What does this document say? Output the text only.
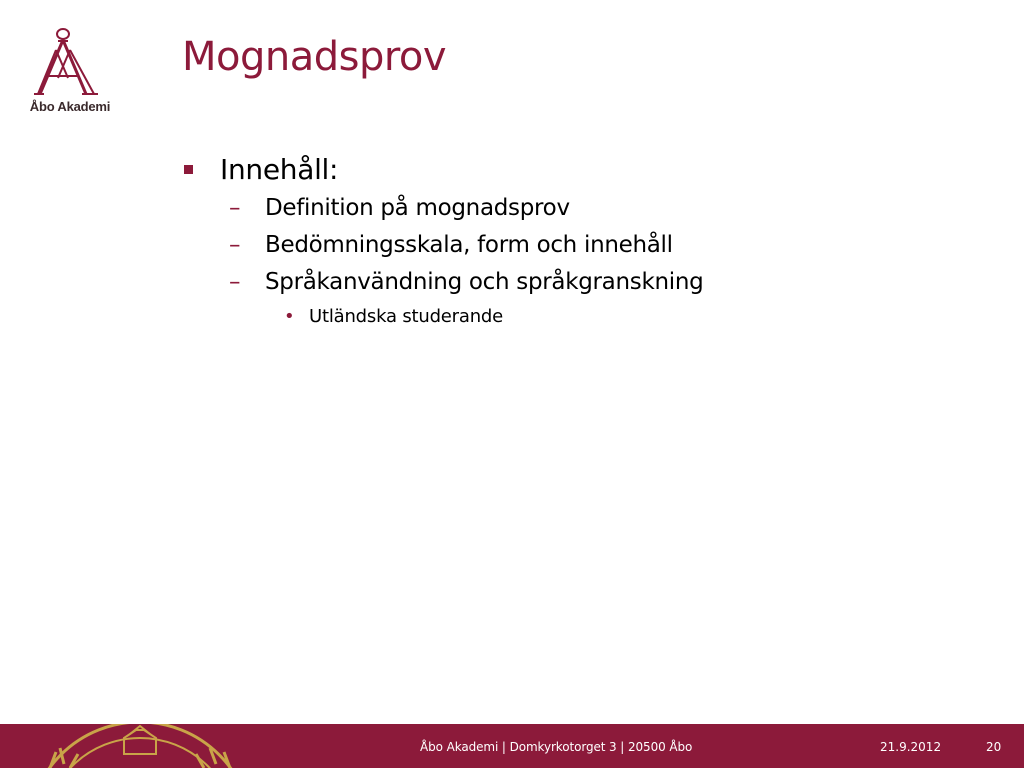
Åbo Akademi
Mognadsprov
Innehåll:
– Definition på mognadsprov
– Bedömningsskala, form och innehåll
– Språkanvändning och språkgranskning
• Utländska studerande
Åbo Akademi | Domkyrkotorget 3 | 20500 Åbo	21.9.2012	20
